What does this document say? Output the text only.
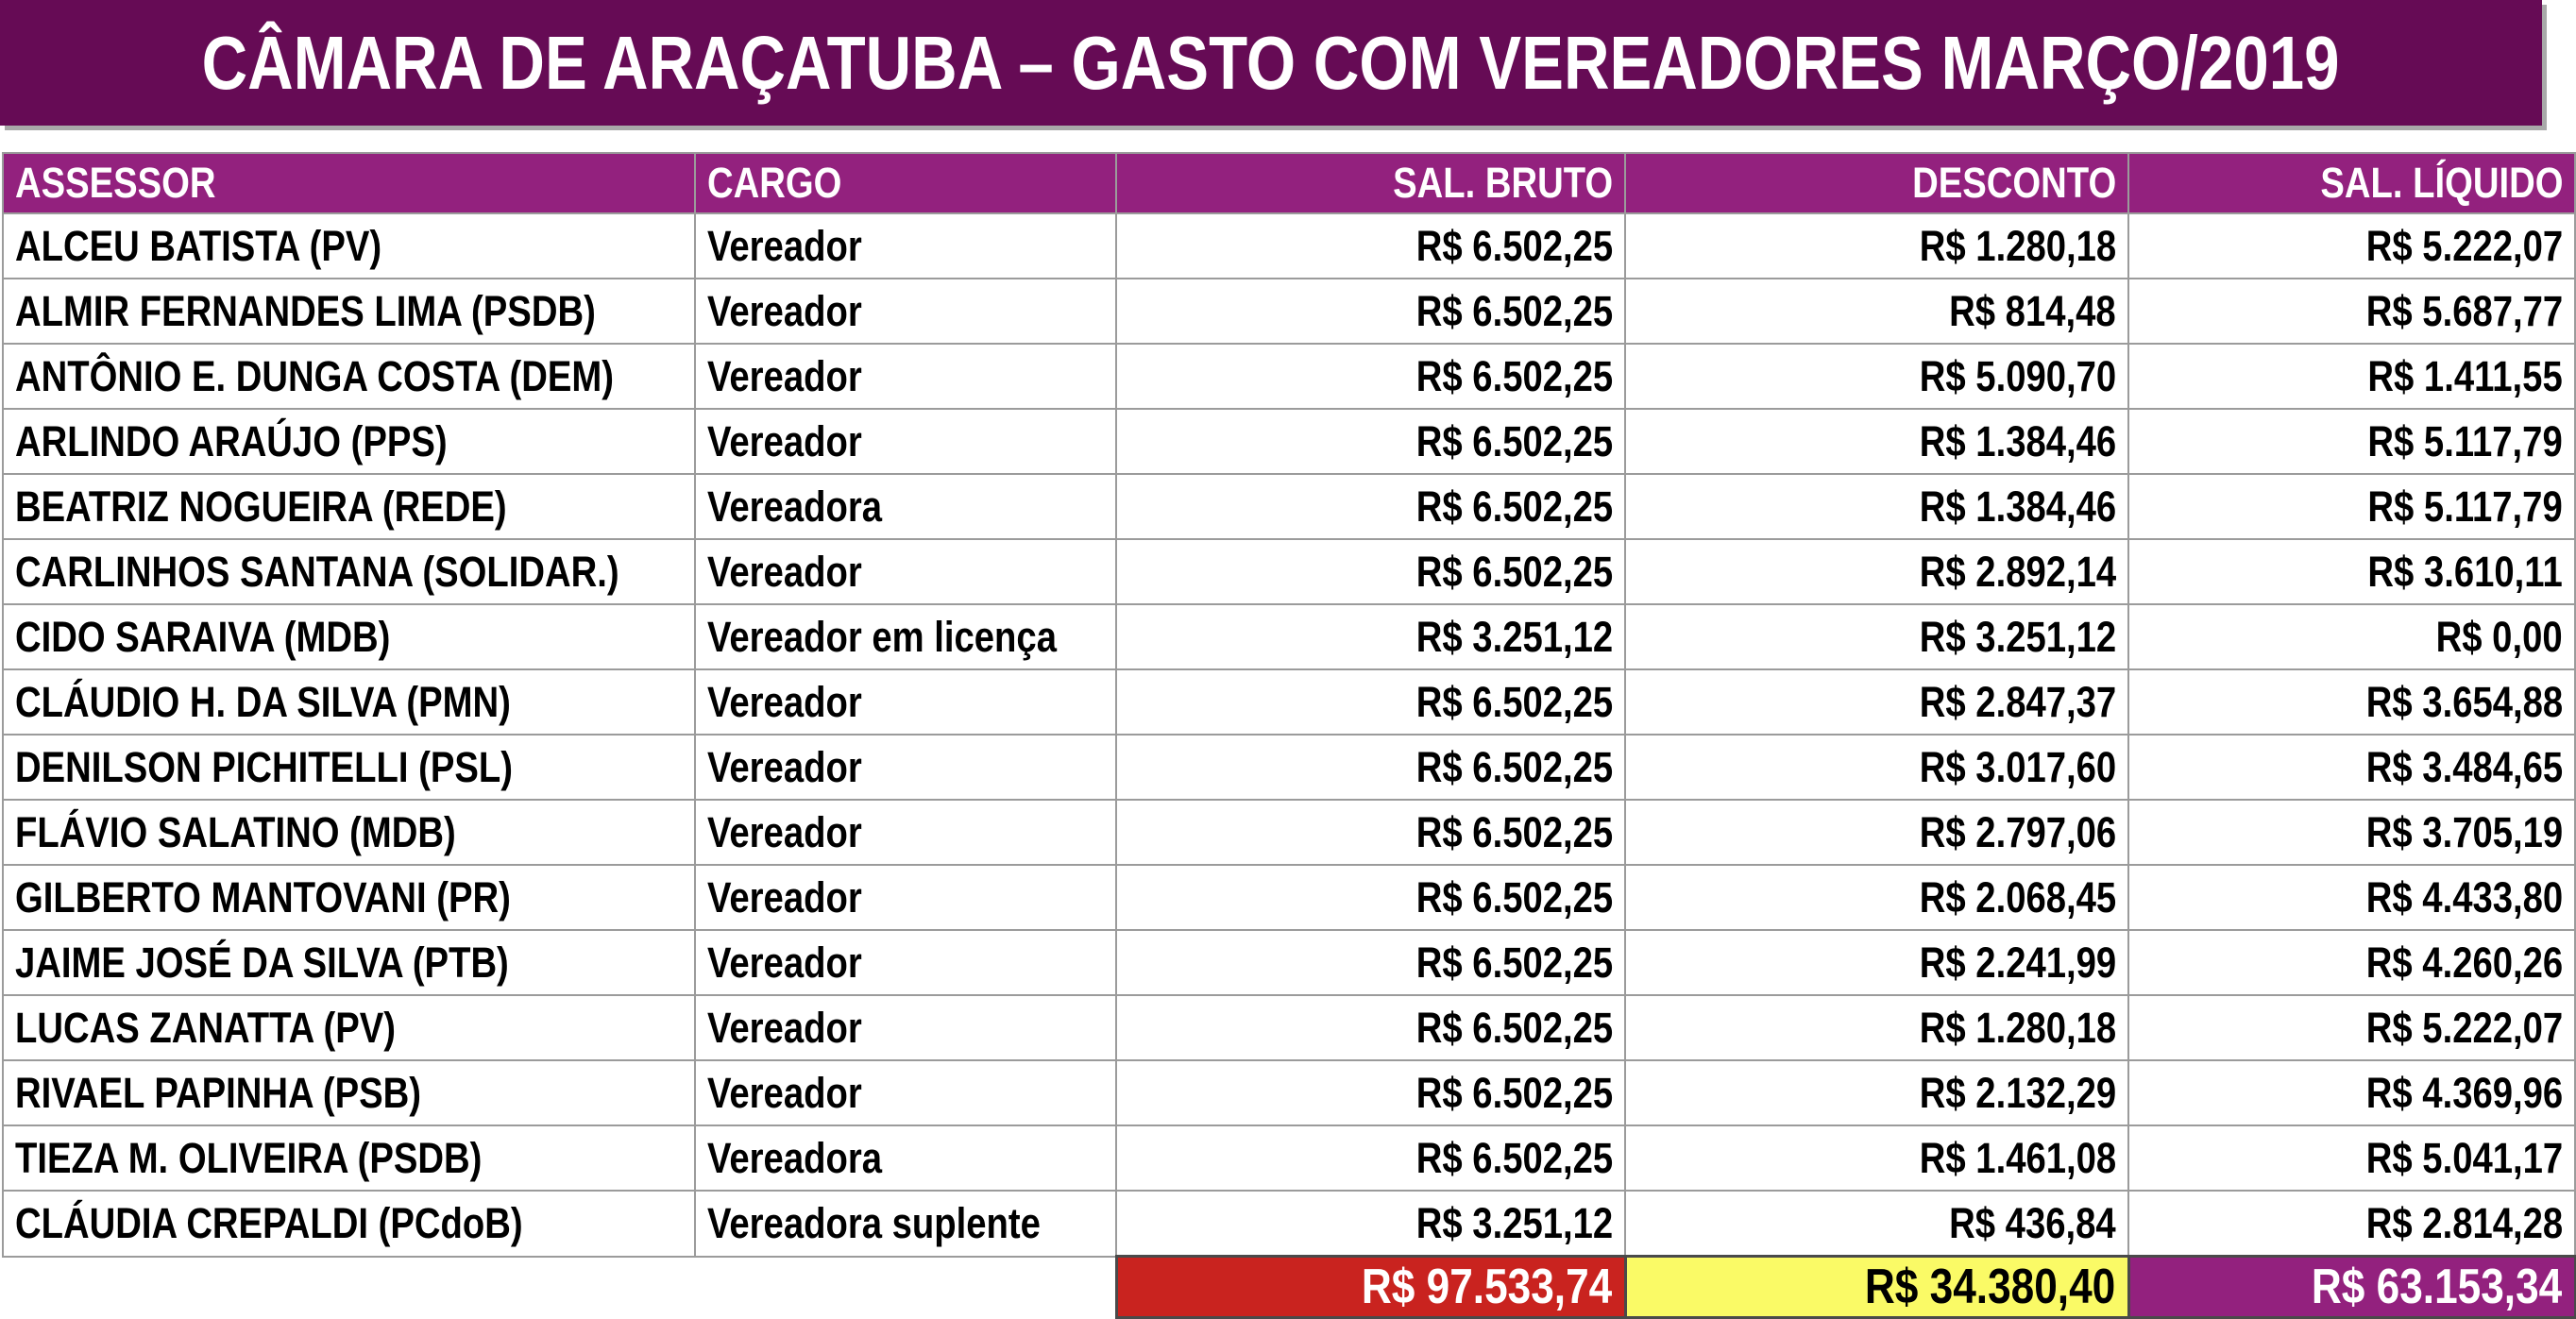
CÂMARA DE ARAÇATUBA – GASTO COM VEREADORES MARÇO/2019
ASSESSOR	CARGO	SAL. BRUTO	DESCONTO	SAL. LÍQUIDO
ALCEU BATISTA (PV)	Vereador	R$ 6.502,25	R$ 1.280,18	R$ 5.222,07
ALMIR FERNANDES LIMA (PSDB)	Vereador	R$ 6.502,25	R$ 814,48	R$ 5.687,77
ANTÔNIO E. DUNGA COSTA (DEM)	Vereador	R$ 6.502,25	R$ 5.090,70	R$ 1.411,55
ARLINDO ARAÚJO (PPS)	Vereador	R$ 6.502,25	R$ 1.384,46	R$ 5.117,79
BEATRIZ NOGUEIRA (REDE)	Vereadora	R$ 6.502,25	R$ 1.384,46	R$ 5.117,79
CARLINHOS SANTANA (SOLIDAR.)	Vereador	R$ 6.502,25	R$ 2.892,14	R$ 3.610,11
CIDO SARAIVA (MDB)	Vereador em licença	R$ 3.251,12	R$ 3.251,12	R$ 0,00
CLÁUDIO H. DA SILVA (PMN)	Vereador	R$ 6.502,25	R$ 2.847,37	R$ 3.654,88
DENILSON PICHITELLI (PSL)	Vereador	R$ 6.502,25	R$ 3.017,60	R$ 3.484,65
FLÁVIO SALATINO (MDB)	Vereador	R$ 6.502,25	R$ 2.797,06	R$ 3.705,19
GILBERTO MANTOVANI (PR)	Vereador	R$ 6.502,25	R$ 2.068,45	R$ 4.433,80
JAIME JOSÉ DA SILVA (PTB)	Vereador	R$ 6.502,25	R$ 2.241,99	R$ 4.260,26
LUCAS ZANATTA (PV)	Vereador	R$ 6.502,25	R$ 1.280,18	R$ 5.222,07
RIVAEL PAPINHA (PSB)	Vereador	R$ 6.502,25	R$ 2.132,29	R$ 4.369,96
TIEZA M. OLIVEIRA (PSDB)	Vereadora	R$ 6.502,25	R$ 1.461,08	R$ 5.041,17
CLÁUDIA CREPALDI (PCdoB)	Vereadora suplente	R$ 3.251,12	R$ 436,84	R$ 2.814,28
		R$ 97.533,74	R$ 34.380,40	R$ 63.153,34
